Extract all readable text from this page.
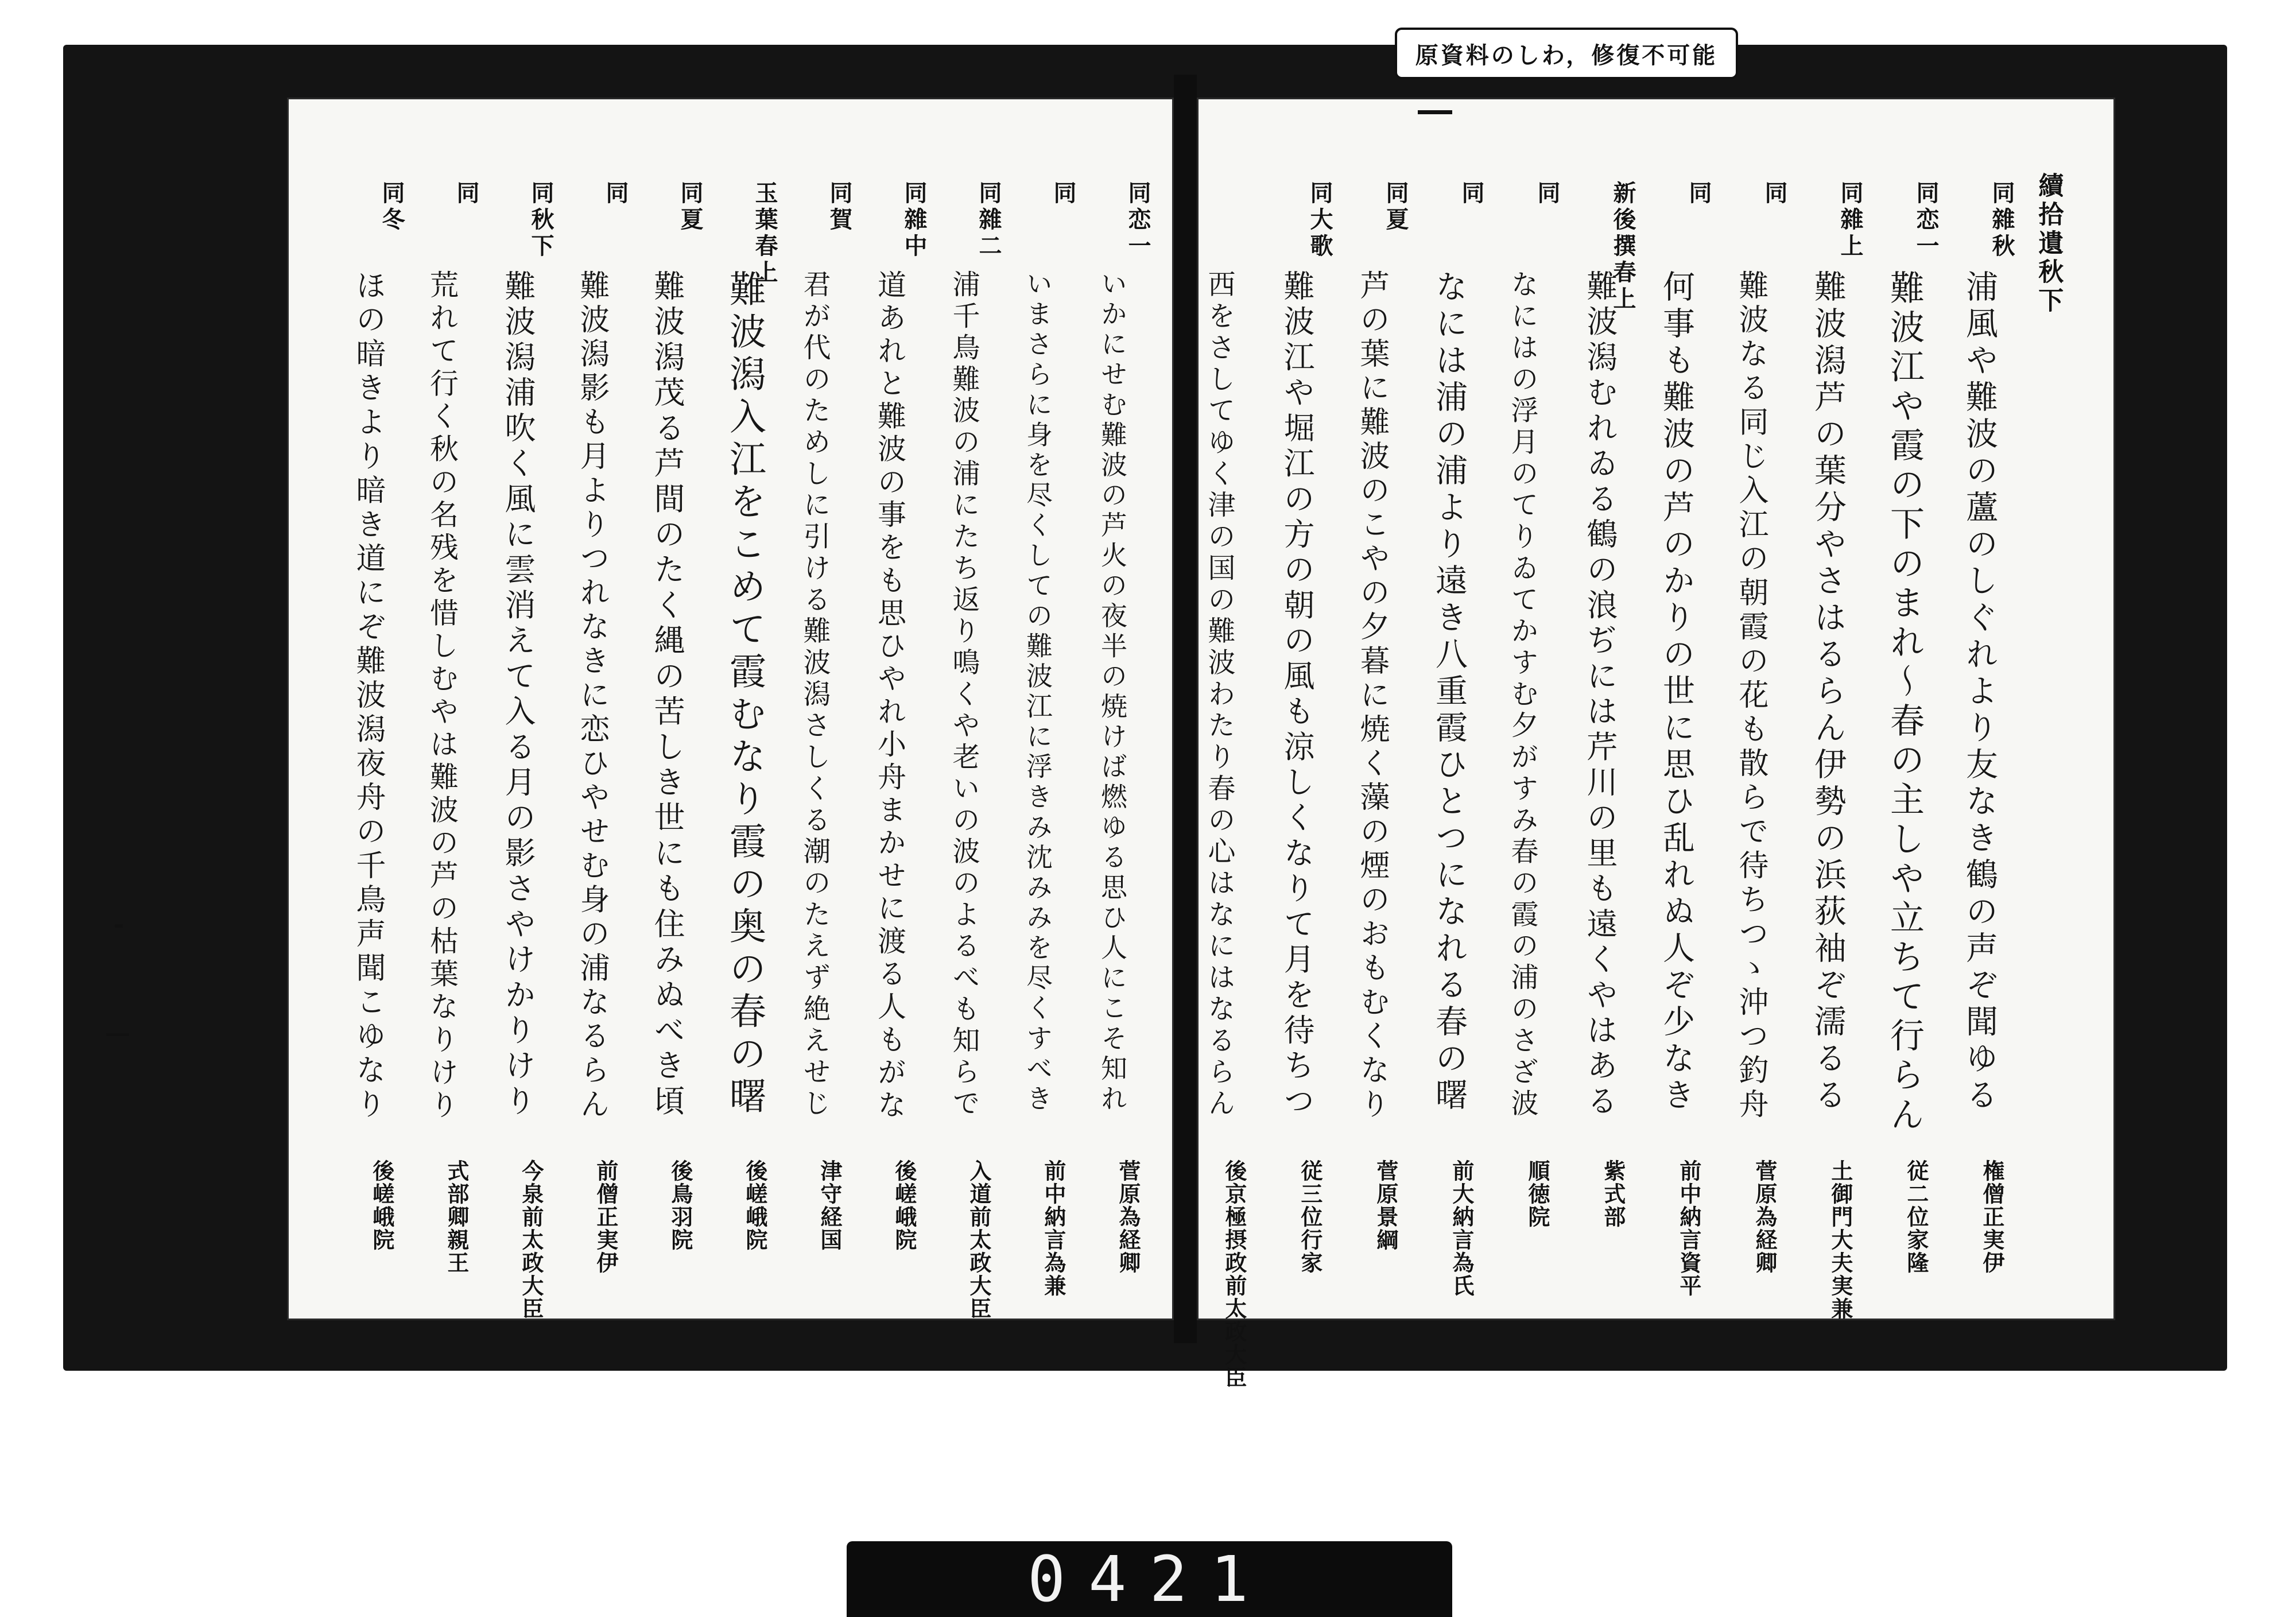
原資料のしわ，修復不可能
續拾遺秋下
同雜秋
浦風や難波の蘆のしぐれより友なき鶴の声ぞ聞ゆる
権僧正実伊
同恋一
難波江や霞の下のまれ〜春の主しや立ちて行らん
従二位家隆
同雜上
難波潟芦の葉分やさはるらん伊勢の浜荻袖ぞ濡るる
土御門大夫実兼
同
難波なる同じ入江の朝霞の花も散らで待ちつゝ沖つ釣舟
菅原為経卿
同
何事も難波の芦のかりの世に思ひ乱れぬ人ぞ少なき
前中納言資平
新後撰春上
難波潟むれゐる鶴の浪ぢには芹川の里も遠くやはある
紫式部
同
なにはの浮月のてりゐてかすむ夕がすみ春の霞の浦のさざ波
順徳院
同
なには浦の浦より遠き八重霞ひとつになれる春の曙
前大納言為氏
同夏
芦の葉に難波のこやの夕暮に焼く藻の煙のおもむくなり
菅原景綱
同大歌
難波江や堀江の方の朝の風も涼しくなりて月を待ちつ
従三位行家
西をさしてゆく津の国の難波わたり春の心はなにはなるらん
後京極摂政前太政大臣
同恋一
いかにせむ難波の芦火の夜半の焼けば燃ゆる思ひ人にこそ知れ
菅原為経卿
同
いまさらに身を尽くしての難波江に浮きみ沈みみを尽くすべき
前中納言為兼
同雜二
浦千鳥難波の浦にたち返り鳴くや老いの波のよるべも知らで
入道前太政大臣
同雜中
道あれと難波の事をも思ひやれ小舟まかせに渡る人もがな
後嵯峨院
同賀
君が代のためしに引ける難波潟さしくる潮のたえず絶えせじ
津守経国
玉葉春上
難波潟入江をこめて霞むなり霞の奥の春の曙
後嵯峨院
同夏
難波潟茂る芦間のたく縄の苦しき世にも住みぬべき頃
後鳥羽院
同
難波潟影も月よりつれなきに恋ひやせむ身の浦なるらん
前僧正実伊
同秋下
難波潟浦吹く風に雲消えて入る月の影さやけかりけり
今泉前太政大臣
同
荒れて行く秋の名残を惜しむやは難波の芦の枯葉なりけり
式部卿親王
同冬
ほの暗きより暗き道にぞ難波潟夜舟の千鳥声聞こゆなり
後嵯峨院
0421
